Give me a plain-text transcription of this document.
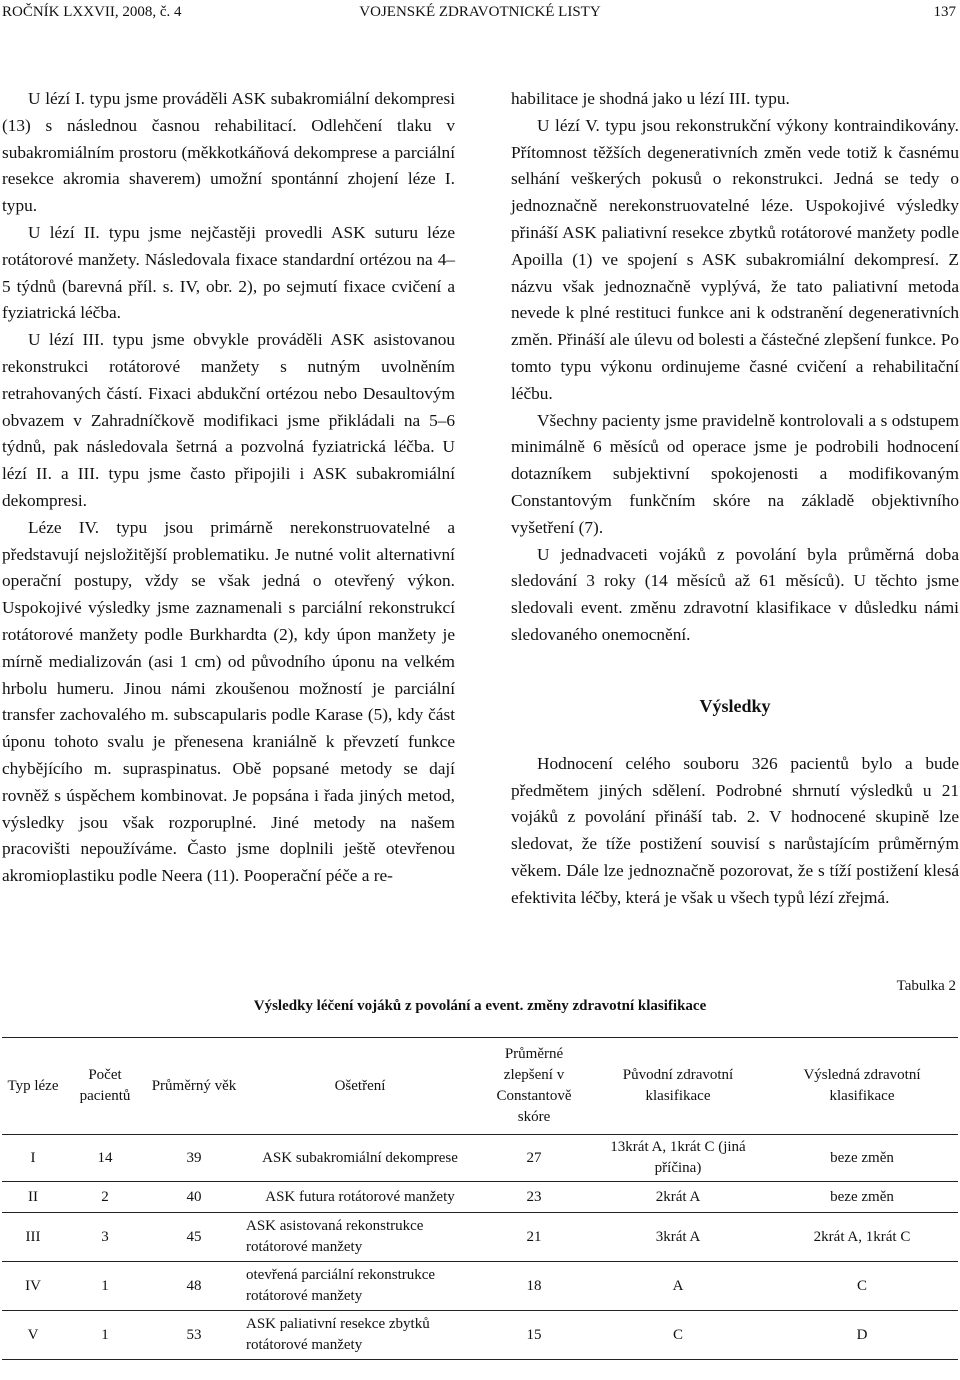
ROČNÍK LXXVII, 2008, č. 4	VOJENSKÉ ZDRAVOTNICKÉ LISTY	137

U lézí I. typu jsme prováděli ASK subakromiální dekompresi (13) s následnou časnou rehabilitací. Odlehčení tlaku v subakromiálním prostoru (měkkotkáňová dekomprese a parciální resekce akromia shaverem) umožní spontánní zhojení léze I. typu.

U lézí II. typu jsme nejčastěji provedli ASK suturu léze rotátorové manžety. Následovala fixace standardní ortézou na 4–5 týdnů (barevná příl. s. IV, obr. 2), po sejmutí fixace cvičení a fyziatrická léčba.

U lézí III. typu jsme obvykle prováděli ASK asistovanou rekonstrukci rotátorové manžety s nutným uvolněním retrahovaných částí. Fixaci abdukční ortézou nebo Desaultovým obvazem v Zahradníčkově modifikaci jsme přikládali na 5–6 týdnů, pak následovala šetrná a pozvolná fyziatrická léčba. U lézí II. a III. typu jsme často připojili i ASK subakromiální dekompresi.

Léze IV. typu jsou primárně nerekonstruovatelné a představují nejsložitější problematiku. Je nutné volit alternativní operační postupy, vždy se však jedná o otevřený výkon. Uspokojivé výsledky jsme zaznamenali s parciální rekonstrukcí rotátorové manžety podle Burkhardta (2), kdy úpon manžety je mírně medializován (asi 1 cm) od původního úponu na velkém hrbolu humeru. Jinou námi zkoušenou možností je parciální transfer zachovalého m. subscapularis podle Karase (5), kdy část úponu tohoto svalu je přenesena kraniálně k převzetí funkce chybějícího m. supraspinatus. Obě popsané metody se dají rovněž s úspěchem kombinovat. Je popsána i řada jiných metod, výsledky jsou však rozporuplné. Jiné metody na našem pracovišti nepoužíváme. Často jsme doplnili ještě otevřenou akromioplastiku podle Neera (11). Pooperační péče a re-

habilitace je shodná jako u lézí III. typu.

U lézí V. typu jsou rekonstrukční výkony kontraindikovány. Přítomnost těžších degenerativních změn vede totiž k časnému selhání veškerých pokusů o rekonstrukci. Jedná se tedy o jednoznačně nerekonstruovatelné léze. Uspokojivé výsledky přináší ASK paliativní resekce zbytků rotátorové manžety podle Apoilla (1) ve spojení s ASK subakromiální dekompresí. Z názvu však jednoznačně vyplývá, že tato paliativní metoda nevede k plné restituci funkce ani k odstranění degenerativních změn. Přináší ale úlevu od bolesti a částečné zlepšení funkce. Po tomto typu výkonu ordinujeme časné cvičení a rehabilitační léčbu.

Všechny pacienty jsme pravidelně kontrolovali a s odstupem minimálně 6 měsíců od operace jsme je podrobili hodnocení dotazníkem subjektivní spokojenosti a modifikovaným Constantovým funkčním skóre na základě objektivního vyšetření (7).

U jednadvaceti vojáků z povolání byla průměrná doba sledování 3 roky (14 měsíců až 61 měsíců). U těchto jsme sledovali event. změnu zdravotní klasifikace v důsledku námi sledovaného onemocnění.

Výsledky

Hodnocení celého souboru 326 pacientů bylo a bude předmětem jiných sdělení. Podrobné shrnutí výsledků u 21 vojáků z povolání přináší tab. 2. V hodnocené skupině lze sledovat, že tíže postižení souvisí s narůstajícím průměrným věkem. Dále lze jednoznačně pozorovat, že s tíží postižení klesá efektivita léčby, která je však u všech typů lézí zřejmá.

Tabulka 2
Výsledky léčení vojáků z povolání a event. změny zdravotní klasifikace
Typ léze	Počet pacientů	Průměrný věk	Ošetření	Průměrné zlepšení v Constantově skóre	Původní zdravotní klasifikace	Výsledná zdravotní klasifikace
I	14	39	ASK subakromiální dekomprese	27	13krát A, 1krát C (jiná příčina)	beze změn
II	2	40	ASK futura rotátorové manžety	23	2krát A	beze změn
III	3	45	ASK asistovaná rekonstrukce rotátorové manžety	21	3krát A	2krát A, 1krát C
IV	1	48	otevřená parciální rekonstrukce rotátorové manžety	18	A	C
V	1	53	ASK paliativní resekce zbytků rotátorové manžety	15	C	D
